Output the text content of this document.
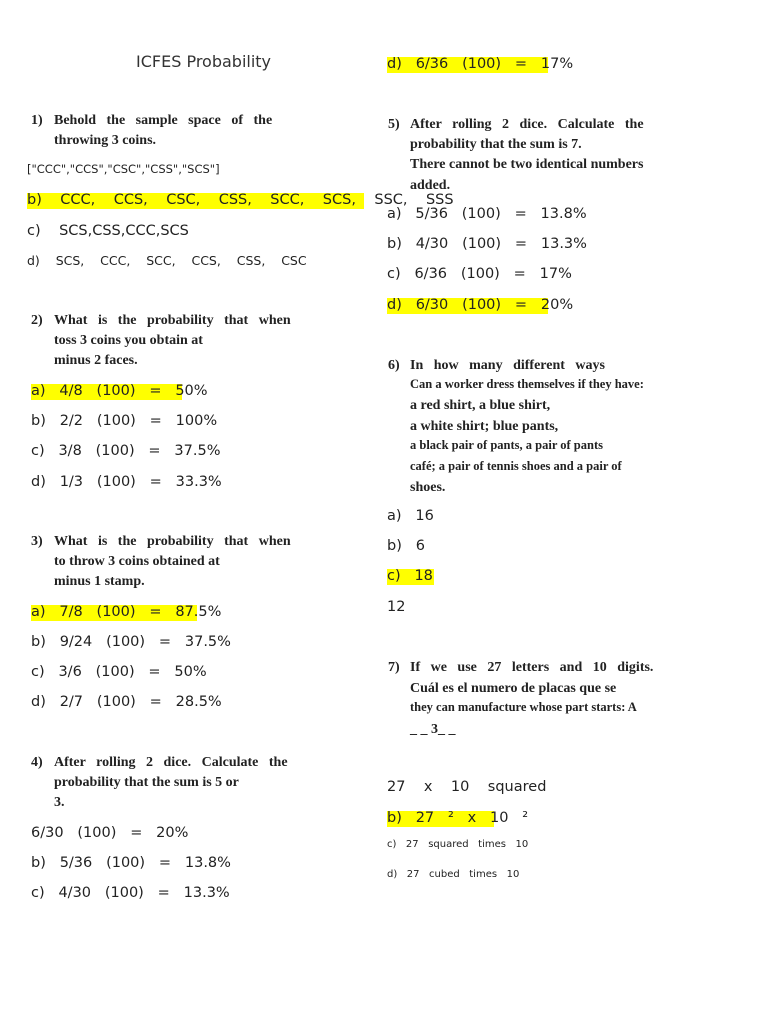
ICFES Probability
1) Behold   the   sample   space   of   the
throwing 3 coins.
["CCC","CCS","CSC","CSS","SCS"]
b)    CCC,    CCS,    CSC,    CSS,    SCC,    SCS,    SSC,    SSS
c)    SCS,CSS,CCC,SCS
d)    SCS,    CCC,    SCC,    CCS,    CSS,    CSC
2) What   is   the   probability   that   when
toss 3 coins you obtain at
minus 2 faces.
a)   4/8   (100)   =   50%
b)   2/2   (100)   =   100%
c)   3/8   (100)   =   37.5%
d)   1/3   (100)   =   33.3%
3) What   is   the   probability   that   when
to throw 3 coins obtained at
minus 1 stamp.
a)   7/8   (100)   =   87.5%
b)   9/24   (100)   =   37.5%
c)   3/6   (100)   =   50%
d)   2/7   (100)   =   28.5%
4) After   rolling   2   dice.   Calculate   the
probability that the sum is 5 or
3.
6/30   (100)   =   20%
b)   5/36   (100)   =   13.8%
c)   4/30   (100)   =   13.3%
d)   6/36   (100)   =   17%
5) After   rolling   2   dice.   Calculate   the
probability that the sum is 7.
There cannot be two identical numbers
added.
a)   5/36   (100)   =   13.8%
b)   4/30   (100)   =   13.3%
c)   6/36   (100)   =   17%
d)   6/30   (100)   =   20%
6) In   how   many   different   ways
Can a worker dress themselves if they have:
a red shirt, a blue shirt,
a white shirt; blue pants,
a black pair of pants, a pair of pants
café; a pair of tennis shoes and a pair of
shoes.
a)   16
b)   6
c)   18
12
7) If   we   use   27   letters   and   10   digits.
Cuál es el numero de placas que se
they can manufacture whose part starts: A
_ _ 3_ _
27    x    10    squared
b)   27   ²   x   10   ²
c)   27   squared   times   10
d)   27   cubed   times   10
